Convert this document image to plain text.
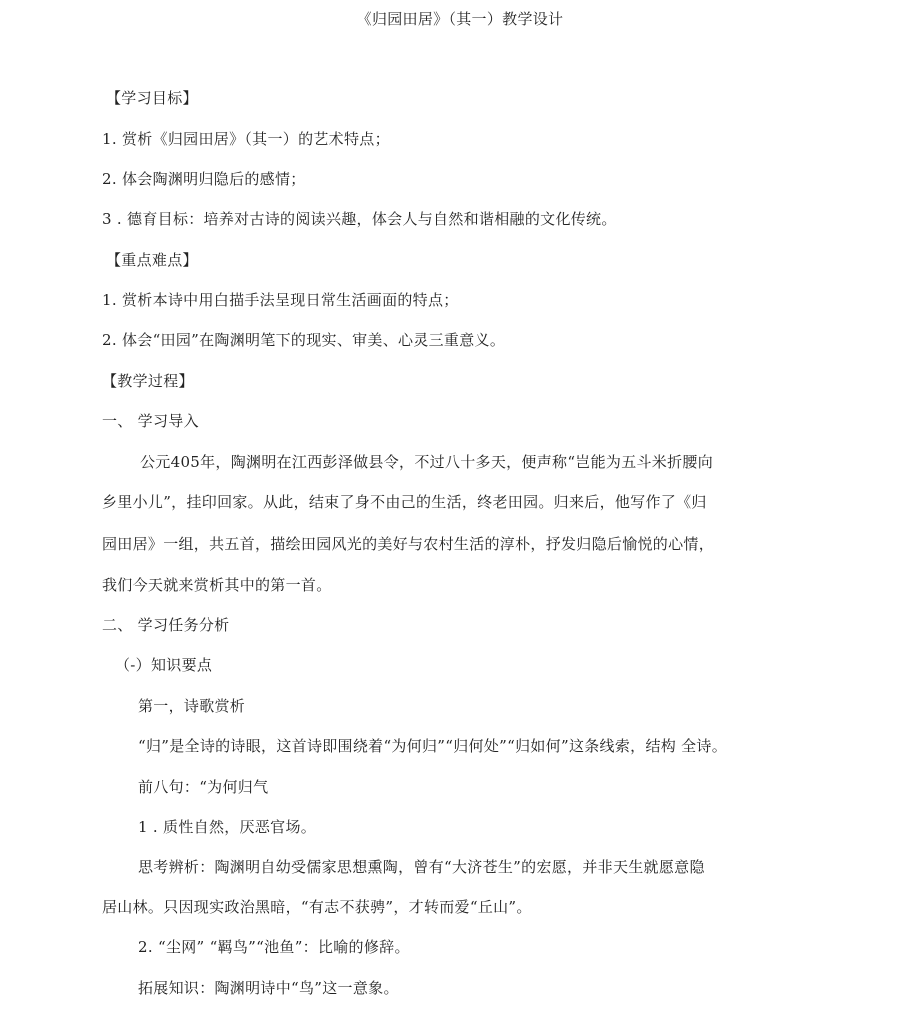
《归园田居》（其一）教学设计
【学习目标】
1. 赏析《归园田居》（其一）的艺术特点；
2. 体会陶渊明归隐后的感情；
3 . 德育目标：培养对古诗的阅读兴趣，体会人与自然和谐相融的文化传统。
【重点难点】
1. 赏析本诗中用白描手法呈现日常生活画面的特点；
2. 体会“田园”在陶渊明笔下的现实、审美、心灵三重意义。
【教学过程】
一、 学习导入
公元405年，陶渊明在江西彭泽做县令，不过八十多天，便声称“岂能为五斗米折腰向
乡里小儿”，挂印回家。从此，结束了身不由己的生活，终老田园。归来后，他写作了《归
园田居》一组，共五首，描绘田园风光的美好与农村生活的淳朴，抒发归隐后愉悦的心情，
我们今天就来赏析其中的第一首。
二、 学习任务分析
（-）知识要点
第一，诗歌赏析
“归”是全诗的诗眼，这首诗即围绕着“为何归”“归何处”“归如何”这条线索，结构 全诗。
前八句：“为何归气
1 . 质性自然，厌恶官场。
思考辨析：陶渊明自幼受儒家思想熏陶，曾有“大济苍生”的宏愿，并非天生就愿意隐
居山林。只因现实政治黑暗，“有志不获骋”，才转而爱“丘山”。
2. “尘网” “羁鸟”“池鱼”：比喻的修辞。
拓展知识：陶渊明诗中“鸟”这一意象。
